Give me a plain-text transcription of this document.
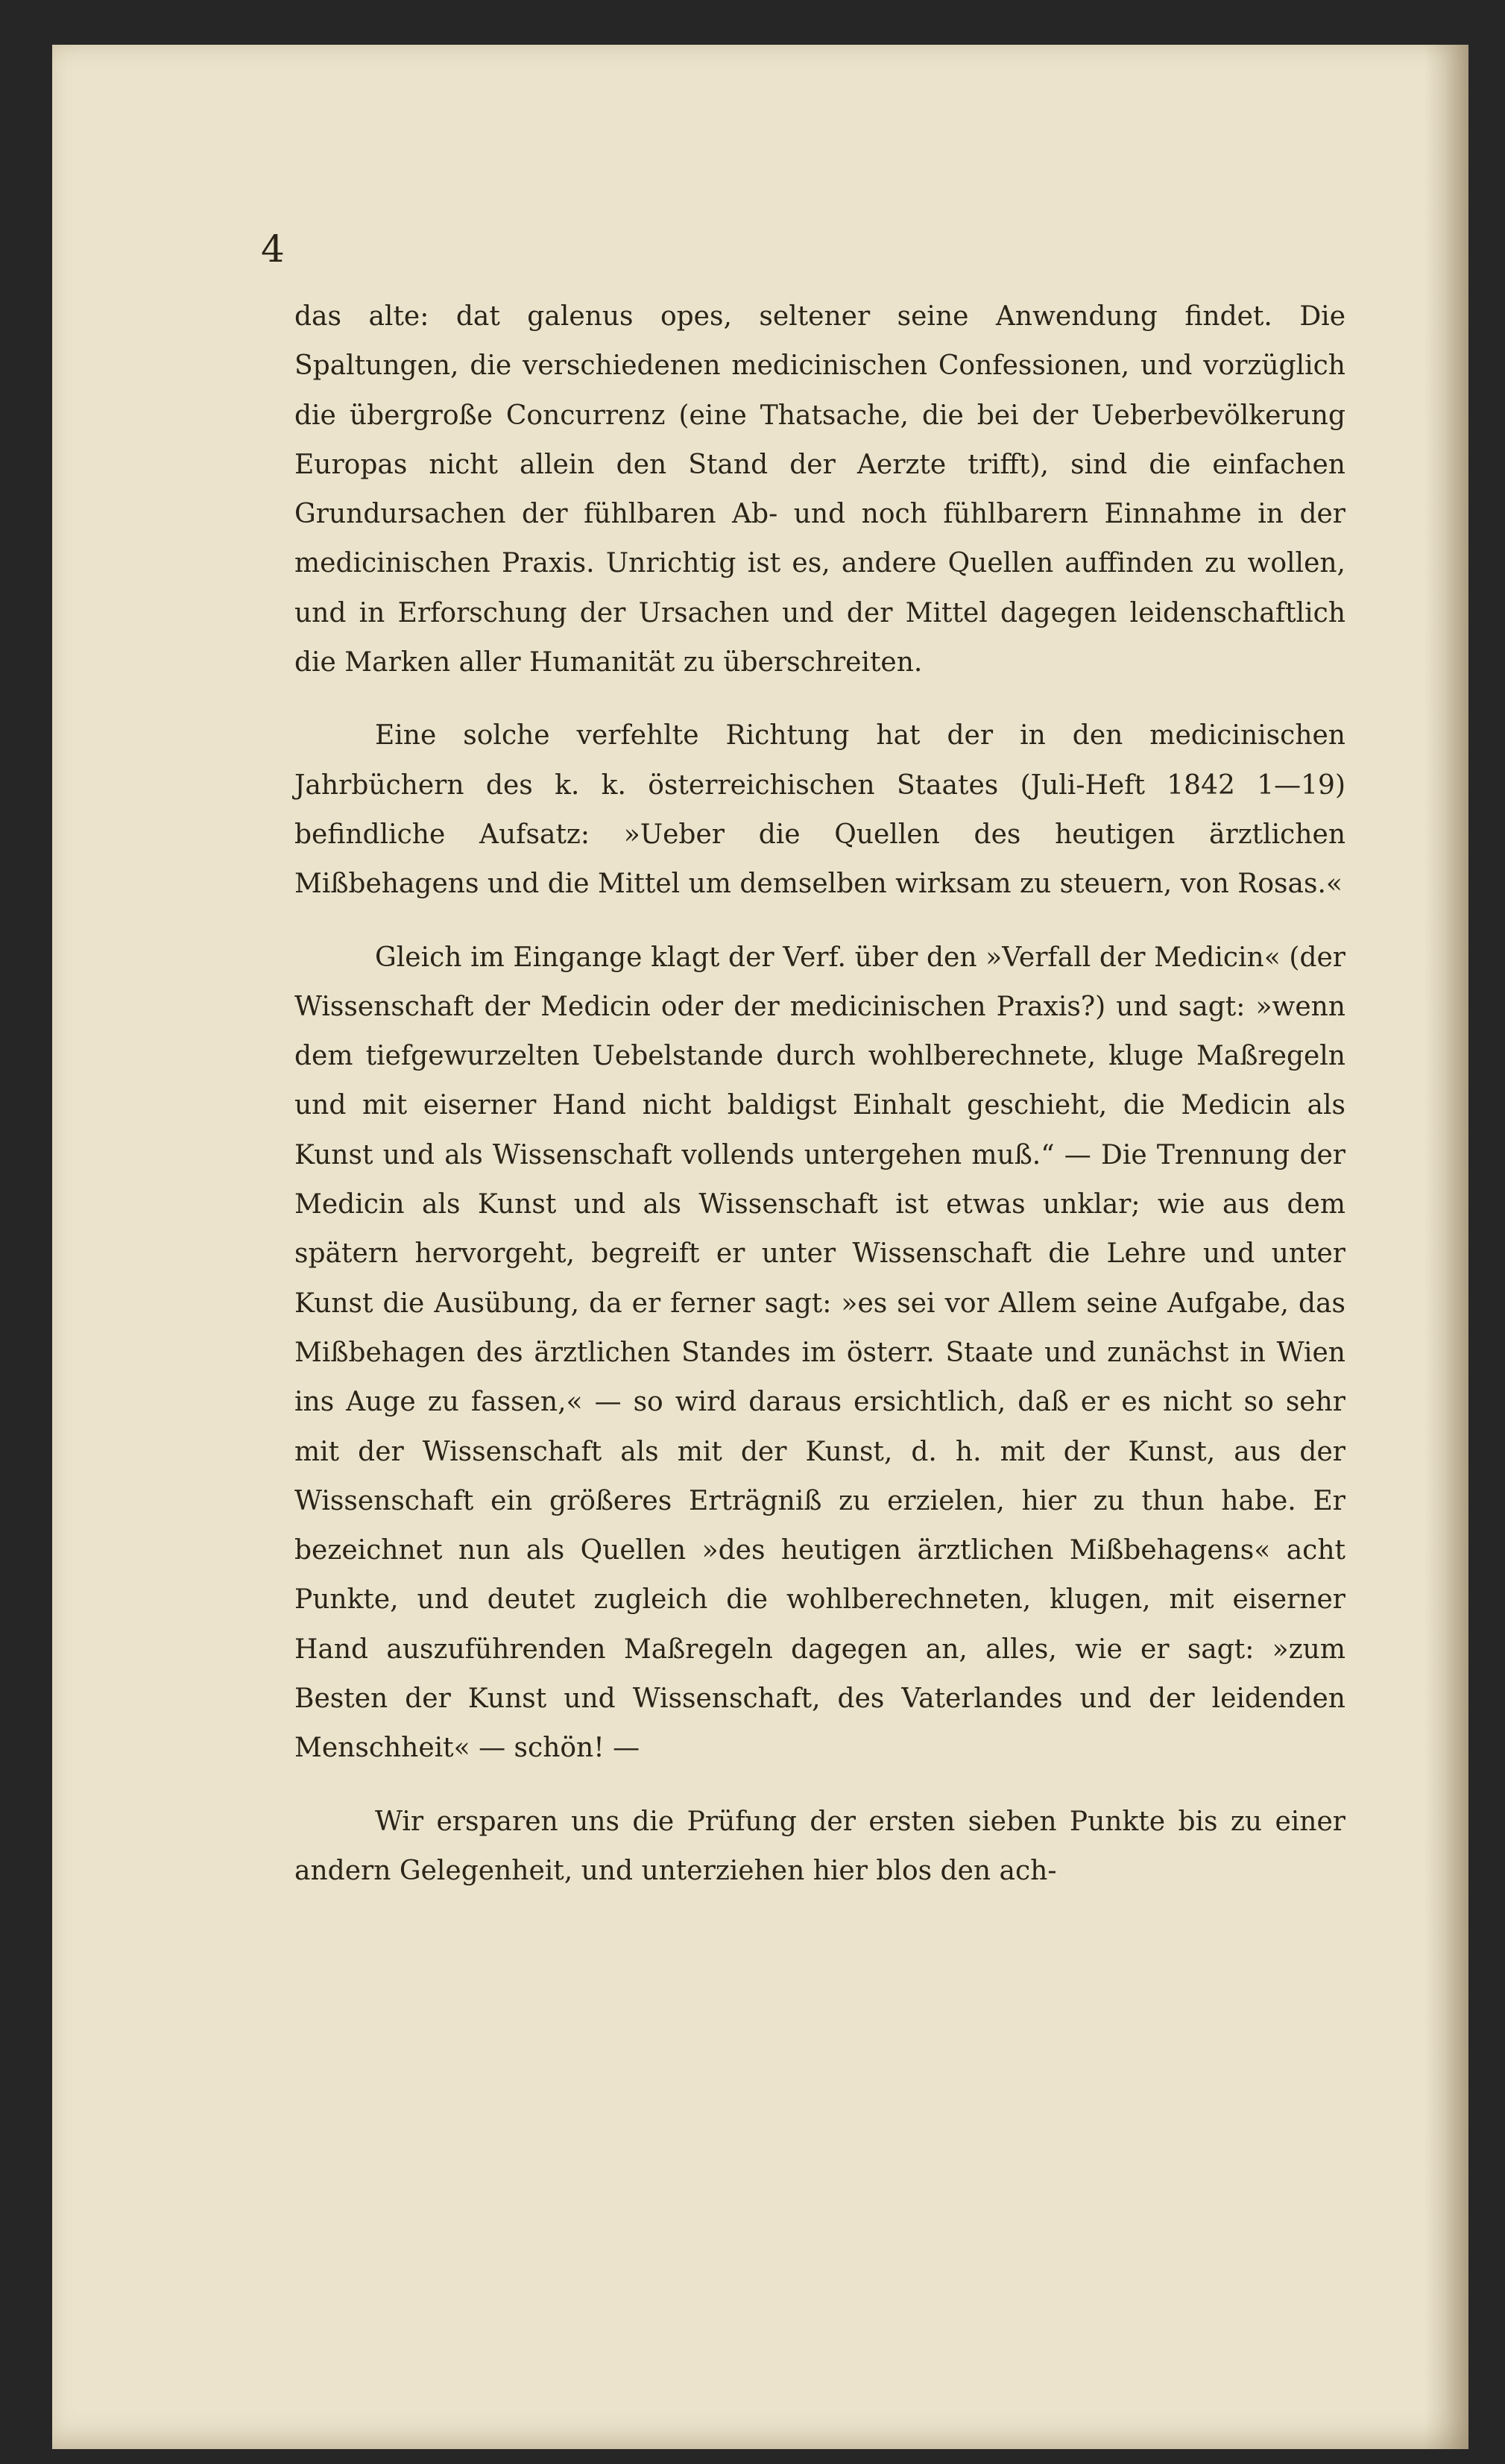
4

das alte: dat galenus opes, seltener seine Anwendung findet. Die Spaltungen, die verschiedenen medicinischen Confessionen, und vorzüglich die übergroße Concurrenz (eine Thatsache, die bei der Ueberbevölkerung Europas nicht allein den Stand der Aerzte trifft), sind die einfachen Grundursachen der fühlbaren Ab- und noch fühlbarern Einnahme in der medicinischen Praxis. Unrichtig ist es, andere Quellen auffinden zu wollen, und in Erforschung der Ursachen und der Mittel dagegen leidenschaftlich die Marken aller Humanität zu überschreiten.

Eine solche verfehlte Richtung hat der in den medicinischen Jahrbüchern des k. k. österreichischen Staates (Juli-Heft 1842 1—19) befindliche Aufsatz: »Ueber die Quellen des heutigen ärztlichen Mißbehagens und die Mittel um demselben wirksam zu steuern, von Rosas.«

Gleich im Eingange klagt der Verf. über den »Verfall der Medicin« (der Wissenschaft der Medicin oder der medicinischen Praxis?) und sagt: »wenn dem tiefgewurzelten Uebelstande durch wohlberechnete, kluge Maßregeln und mit eiserner Hand nicht baldigst Einhalt geschieht, die Medicin als Kunst und als Wissenschaft vollends untergehen muß.“ — Die Trennung der Medicin als Kunst und als Wissenschaft ist etwas unklar; wie aus dem spätern hervorgeht, begreift er unter Wissenschaft die Lehre und unter Kunst die Ausübung, da er ferner sagt: »es sei vor Allem seine Aufgabe, das Mißbehagen des ärztlichen Standes im österr. Staate und zunächst in Wien ins Auge zu fassen,« — so wird daraus ersichtlich, daß er es nicht so sehr mit der Wissenschaft als mit der Kunst, d. h. mit der Kunst, aus der Wissenschaft ein größeres Erträgniß zu erzielen, hier zu thun habe. Er bezeichnet nun als Quellen »des heutigen ärztlichen Mißbehagens« acht Punkte, und deutet zugleich die wohlberechneten, klugen, mit eiserner Hand auszuführenden Maßregeln dagegen an, alles, wie er sagt: »zum Besten der Kunst und Wissenschaft, des Vaterlandes und der leidenden Menschheit« — schön! —

Wir ersparen uns die Prüfung der ersten sieben Punkte bis zu einer andern Gelegenheit, und unterziehen hier blos den ach-
